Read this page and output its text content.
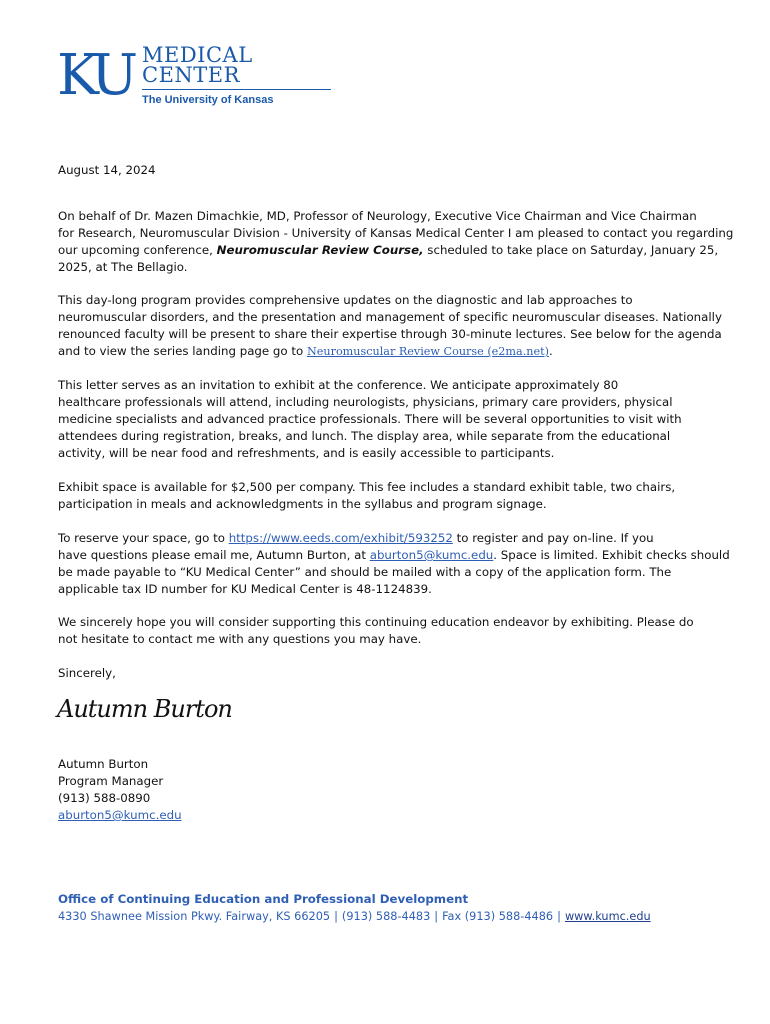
KU MEDICAL
CENTER
The University of Kansas
August 14, 2024
On behalf of Dr. Mazen Dimachkie, MD, Professor of Neurology, Executive Vice Chairman and Vice Chairman
for Research, Neuromuscular Division - University of Kansas Medical Center I am pleased to contact you regarding
our upcoming conference, Neuromuscular Review Course, scheduled to take place on Saturday, January 25,
2025, at The Bellagio.
This day-long program provides comprehensive updates on the diagnostic and lab approaches to
neuromuscular disorders, and the presentation and management of specific neuromuscular diseases. Nationally
renounced faculty will be present to share their expertise through 30-minute lectures. See below for the agenda
and to view the series landing page go to Neuromuscular Review Course (e2ma.net).
This letter serves as an invitation to exhibit at the conference. We anticipate approximately 80
healthcare professionals will attend, including neurologists, physicians, primary care providers, physical
medicine specialists and advanced practice professionals. There will be several opportunities to visit with
attendees during registration, breaks, and lunch. The display area, while separate from the educational
activity, will be near food and refreshments, and is easily accessible to participants.
Exhibit space is available for $2,500 per company. This fee includes a standard exhibit table, two chairs,
participation in meals and acknowledgments in the syllabus and program signage.
To reserve your space, go to https://www.eeds.com/exhibit/593252 to register and pay on-line. If you
have questions please email me, Autumn Burton, at aburton5@kumc.edu. Space is limited. Exhibit checks should
be made payable to “KU Medical Center” and should be mailed with a copy of the application form. The
applicable tax ID number for KU Medical Center is 48-1124839.
We sincerely hope you will consider supporting this continuing education endeavor by exhibiting. Please do
not hesitate to contact me with any questions you may have.
Sincerely,
Autumn Burton
Autumn Burton
Program Manager
(913) 588-0890
aburton5@kumc.edu
Office of Continuing Education and Professional Development
4330 Shawnee Mission Pkwy. Fairway, KS 66205 | (913) 588-4483 | Fax (913) 588-4486 | www.kumc.edu
